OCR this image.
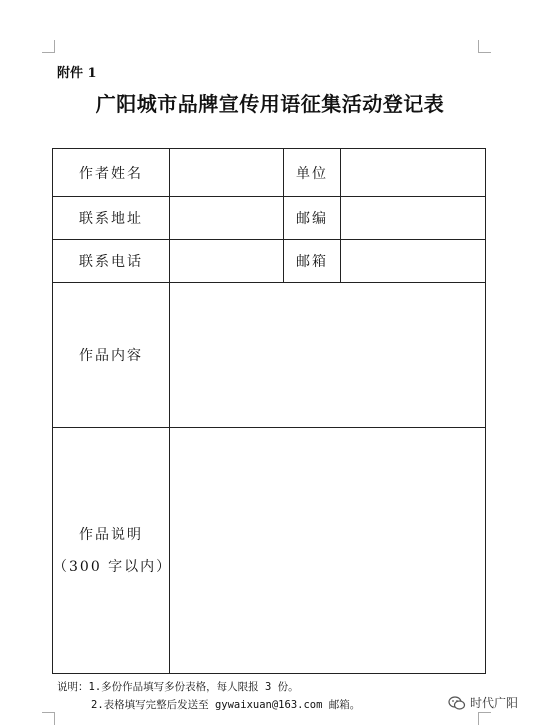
附件 1
广阳城市品牌宣传用语征集活动登记表
作者姓名		单位	
联系地址		邮编	
联系电话		邮箱	
作品内容			

作品说明
（300 字以内）			

说明：1.多份作品填写多份表格，每人限报 3 份。
2.表格填写完整后发送至 gywaixuan@163.com 邮箱。	时代广阳
